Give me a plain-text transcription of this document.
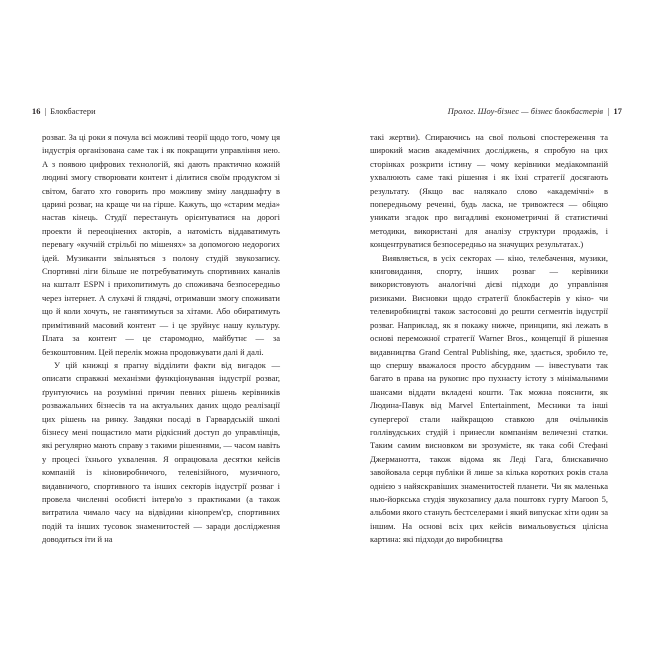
16 | Блокбастери	Пролог. Шоу-бізнес — бізнес блокбастерів | 17

розваг. За ці роки я почула всі можливі теорії щодо того, чому ця індустрія організована саме так і як покращити управління нею. А з появою цифрових технологій, які дають практично кожній людині змогу створювати контент і ділитися своїм продуктом зі світом, багато хто говорить про можливу зміну ландшафту в царині розваг, на краще чи на гірше. Кажуть, що «старим медіа» настав кінець. Студії перестануть орієнтуватися на дорогі проекти й переоцінених акторів, а натомість віддаватимуть перевагу «кучній стрільбі по мішенях» за допомогою недорогих ідей. Музиканти звільняться з полону студій звукозапису. Спортивні ліги більше не потребуватимуть спортивних каналів на кшталт ESPN і прихопитимуть до споживача безпосередньо через інтернет. А слухачі й глядачі, отримавши змогу споживати що й коли хочуть, не ганятимуться за хітами. Або обиратимуть примітивний масовий контент — і це зруйнує нашу культуру. Плата за контент — це старомодно, майбутнє — за безкоштовним. Цей перелік можна продовжувати далі й далі.

У цій книжці я прагну відділити факти від вигадок — описати справжні механізми функціонування індустрії розваг, ґрунтуючись на розумінні причин певних рішень керівників розважальних бізнесів та на актуальних даних щодо реалізації цих рішень на ринку. Завдяки посаді в Гарвардській школі бізнесу мені пощастило мати рідкісний доступ до управлінців, які регулярно мають справу з такими рішеннями, — часом навіть у процесі їхнього ухвалення. Я опрацювала десятки кейсів компаній із кіновиробничого, телевізійного, музичного, видавничого, спортивного та інших секторів індустрії розваг і провела численні особисті інтерв'ю з практиками (а також витратила чимало часу на відвідини кінопрем'єр, спортивних подій та інших тусовок знаменитостей — заради дослідження доводиться іти й на

такі жертви). Спираючись на свої польові спостереження та широкий масив академічних досліджень, я спробую на цих сторінках розкрити істину — чому керівники медіакомпаній ухвалюють саме такі рішення і як їхні стратегії досягають результату. (Якщо вас налякало слово «академічні» в попередньому реченні, будь ласка, не тривожтеся — обіцяю уникати згадок про вигадливі економетричні й статистичні методики, використані для аналізу структури продажів, і концентруватися безпосередньо на значущих результатах.)

Виявляється, в усіх секторах — кіно, телебачення, музики, книговидання, спорту, інших розваг — керівники використовують аналогічні дієві підходи до управління ризиками. Висновки щодо стратегії блокбастерів у кіно- чи телевиробництві також застосовні до решти сегментів індустрії розваг. Наприклад, як я покажу нижче, принципи, які лежать в основі переможної стратегії Warner Bros., концепції й рішення видавництва Grand Central Publishing, яке, здається, зробило те, що спершу вважалося просто абсурдним — інвестувати так багато в права на рукопис про пухнасту істоту з мінімальними шансами віддати вкладені кошти. Так можна пояснити, як Людина-Павук від Marvel Entertainment, Месники та інші супергерої стали найкращою ставкою для очільників голлівудських студій і принесли компаніям величезні статки. Таким самим висновком ви зрозумієте, як така собі Стефані Джерманотта, також відома як Леді Гага, блискавично завойовала серця публіки й лише за кілька коротких років стала однією з найяскравіших знаменитостей планети. Чи як маленька нью-йоркська студія звукозапису дала поштовх гурту Maroon 5, альбоми якого стануть бестселерами і який випускає хіти один за іншим. На основі всіх цих кейсів вимальовується цілісна картина: які підходи до виробництва
